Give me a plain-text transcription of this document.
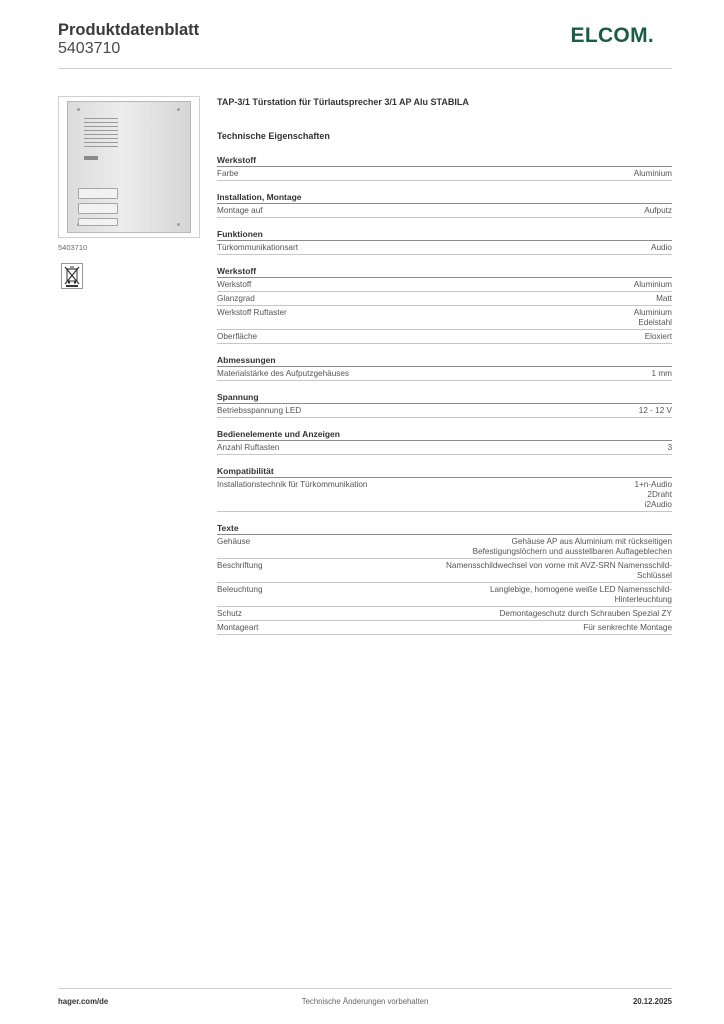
Produktdatenblatt
5403710
ELCOM.
5403710
TAP-3/1 Türstation für Türlautsprecher 3/1 AP Alu STABILA
Technische Eigenschaften
Werkstoff
Farbe	Aluminium
Installation, Montage
Montage auf	Aufputz
Funktionen
Türkommunikationsart	Audio
Werkstoff
Werkstoff	Aluminium
Glanzgrad	Matt
Werkstoff Ruftaster	Aluminium
Edelstahl
Oberfläche	Eloxiert
Abmessungen
Materialstärke des Aufputzgehäuses	1 mm
Spannung
Betriebsspannung LED	12 - 12 V
Bedienelemente und Anzeigen
Anzahl Ruftasten	3
Kompatibilität
Installationstechnik für Türkommunikation	1+n-Audio
2Draht
i2Audio
Texte
Gehäuse	Gehäuse AP aus Aluminium mit rückseitigen
Befestigungslöchern und ausstellbaren Auflageblechen
Beschriftung	Namensschildwechsel von vorne mit AVZ-SRN Namensschild-
Schlüssel
Beleuchtung	Langlebige, homogene weiße LED Namensschild-
Hinterleuchtung
Schutz	Demontageschutz durch Schrauben Spezial ZY
Montageart	Für senkrechte Montage
hager.com/de	Technische Änderungen vorbehalten	20.12.2025
